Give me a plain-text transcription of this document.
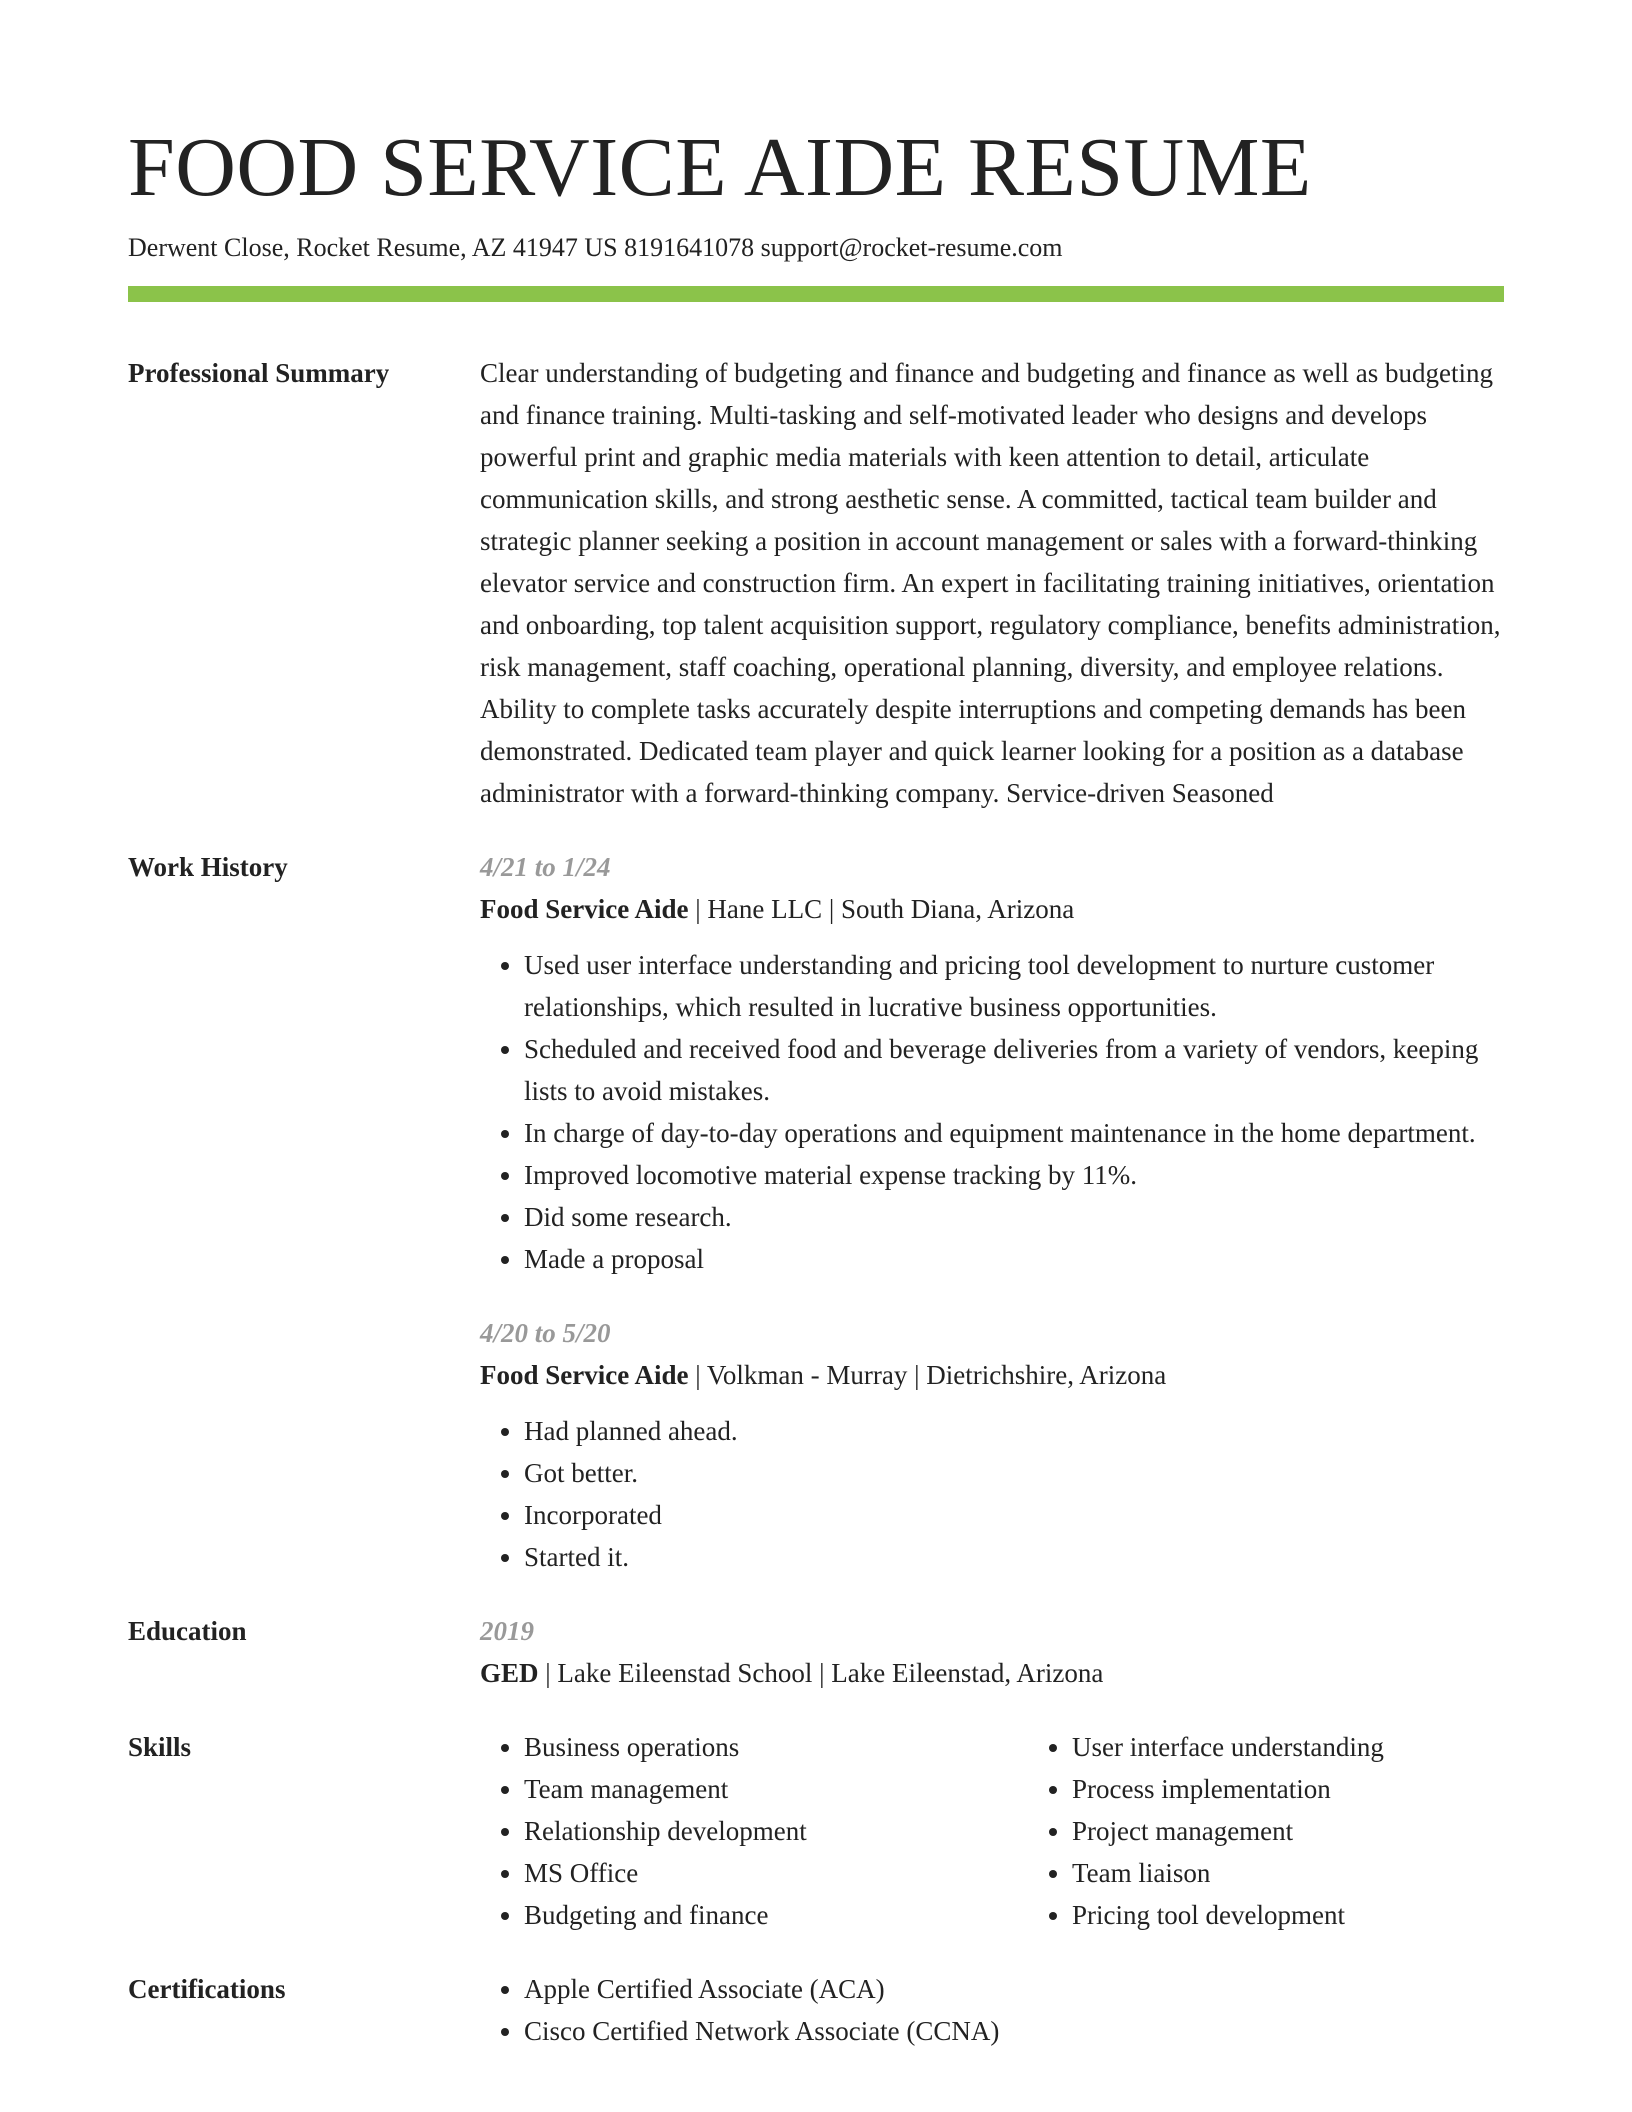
FOOD SERVICE AIDE RESUME
Derwent Close, Rocket Resume, AZ 41947 US 8191641078 support@rocket-resume.com
Professional Summary	Clear understanding of budgeting and finance and budgeting and finance as well as budgeting and finance training. Multi-tasking and self-motivated leader who designs and develops powerful print and graphic media materials with keen attention to detail, articulate communication skills, and strong aesthetic sense. A committed, tactical team builder and strategic planner seeking a position in account management or sales with a forward-thinking elevator service and construction firm. An expert in facilitating training initiatives, orientation and onboarding, top talent acquisition support, regulatory compliance, benefits administration, risk management, staff coaching, operational planning, diversity, and employee relations. Ability to complete tasks accurately despite interruptions and competing demands has been demonstrated. Dedicated team player and quick learner looking for a position as a database administrator with a forward-thinking company. Service-driven Seasoned
Work History	4/21 to 1/24
Food Service Aide | Hane LLC | South Diana, Arizona
• Used user interface understanding and pricing tool development to nurture customer relationships, which resulted in lucrative business opportunities.
• Scheduled and received food and beverage deliveries from a variety of vendors, keeping lists to avoid mistakes.
• In charge of day-to-day operations and equipment maintenance in the home department.
• Improved locomotive material expense tracking by 11%.
• Did some research.
• Made a proposal
4/20 to 5/20
Food Service Aide | Volkman - Murray | Dietrichshire, Arizona
• Had planned ahead.
• Got better.
• Incorporated
• Started it.
Education	2019
GED | Lake Eileenstad School | Lake Eileenstad, Arizona
Skills	• Business operations
• Team management
• Relationship development
• MS Office
• Budgeting and finance
• User interface understanding
• Process implementation
• Project management
• Team liaison
• Pricing tool development
Certifications	• Apple Certified Associate (ACA)
• Cisco Certified Network Associate (CCNA)
